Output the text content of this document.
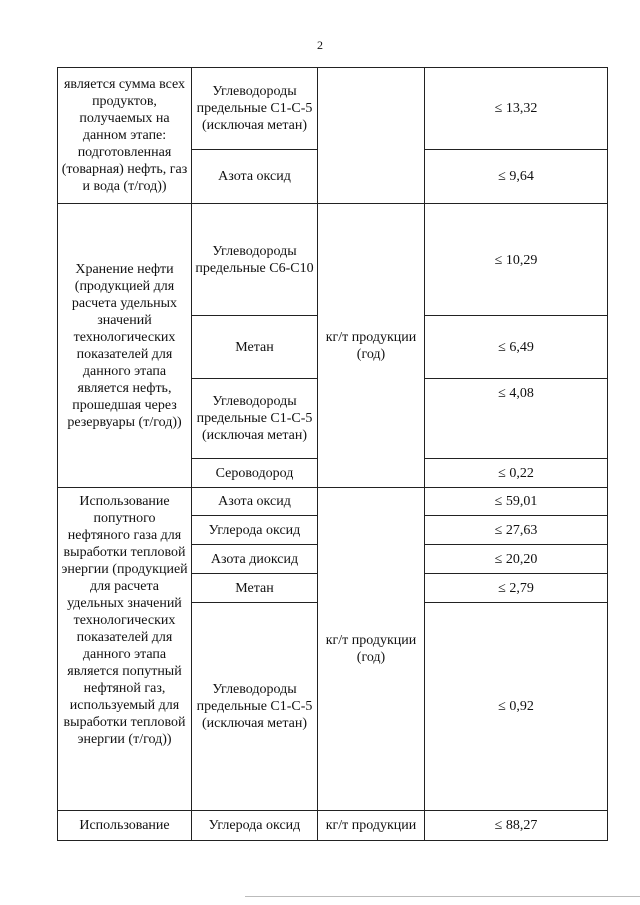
2
является сумма всех продуктов, получаемых на данном этапе: подготовленная (товарная) нефть, газ и вода (т/год))	Углеводороды предельные С1-С-5 (исключая метан)		≤ 13,32
	Азота оксид		≤ 9,64
Хранение нефти (продукцией для расчета удельных значений технологических показателей для данного этапа является нефть, прошедшая через резервуары (т/год))	Углеводороды предельные С6-С10	кг/т продукции (год)	≤ 10,29
	Метан		≤ 6,49
	Углеводороды предельные С1-С-5 (исключая метан)		≤ 4,08
	Сероводород		≤ 0,22
Использование попутного нефтяного газа для выработки тепловой энергии (продукцией для расчета удельных значений технологических показателей для данного этапа является попутный нефтяной газ, используемый для выработки тепловой энергии (т/год))	Азота оксид	кг/т продукции (год)	≤ 59,01
	Углерода оксид		≤ 27,63
	Азота диоксид		≤ 20,20
	Метан		≤ 2,79
	Углеводороды предельные С1-С-5 (исключая метан)		≤ 0,92
Использование	Углерода оксид	кг/т продукции	≤ 88,27
